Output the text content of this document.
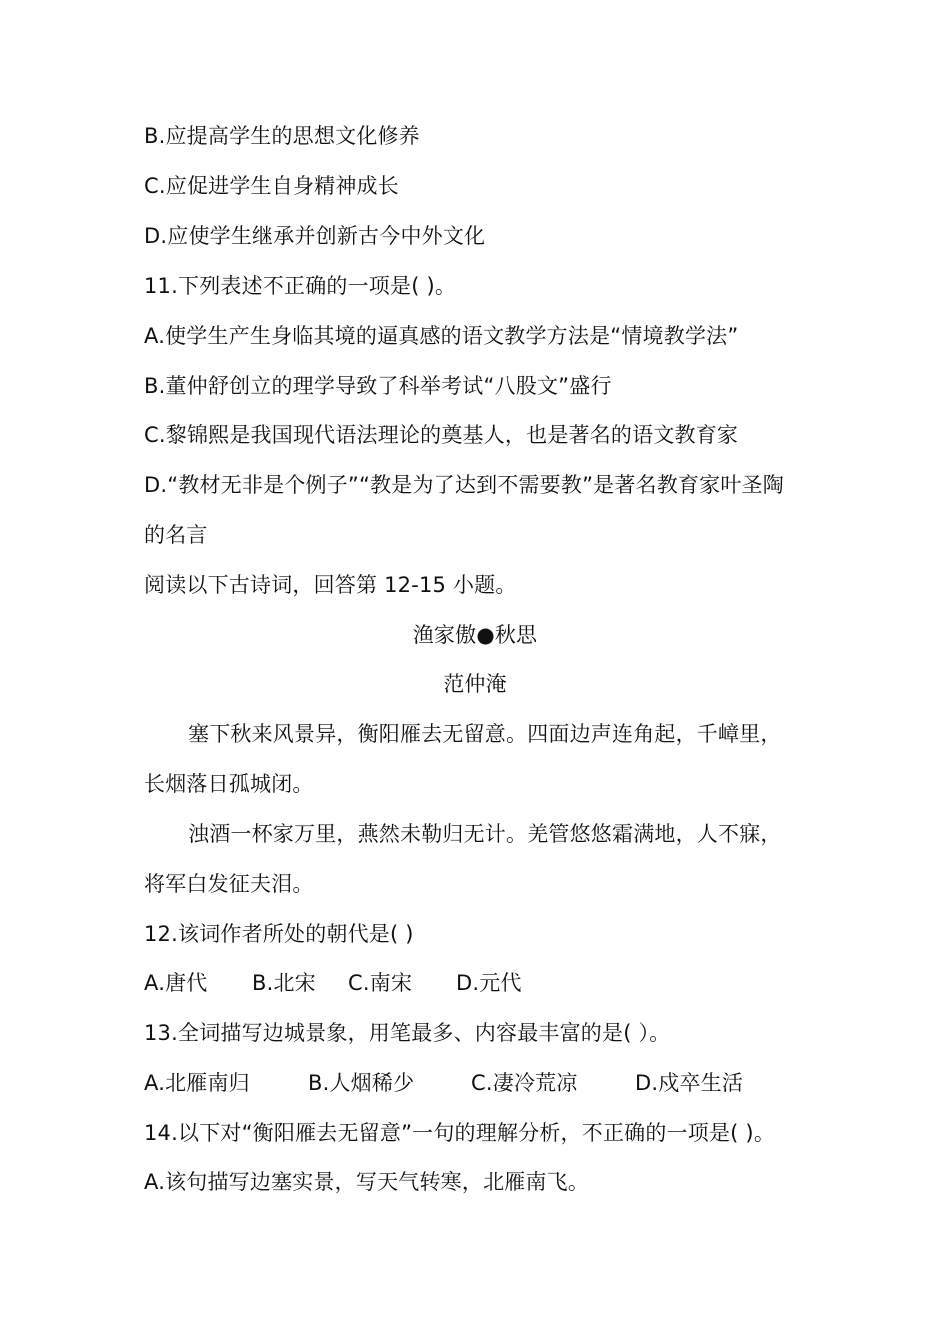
B.应提高学生的思想文化修养
C.应促进学生自身精神成长
D.应使学生继承并创新古今中外文化
11.下列表述不正确的一项是( )。
A.使学生产生身临其境的逼真感的语文教学方法是“情境教学法”
B.董仲舒创立的理学导致了科举考试“八股文”盛行
C.黎锦熙是我国现代语法理论的奠基人，也是著名的语文教育家
D.“教材无非是个例子”“教是为了达到不需要教”是著名教育家叶圣陶
的名言
阅读以下古诗词，回答第 12-15 小题。
渔家傲●秋思
范仲淹
塞下秋来风景异，衡阳雁去无留意。四面边声连角起，千嶂里，
长烟落日孤城闭。
浊酒一杯家万里，燕然未勒归无计。羌管悠悠霜满地，人不寐，
将军白发征夫泪。
12.该词作者所处的朝代是( )
A.唐代 B.北宋 C.南宋 D.元代
13.全词描写边城景象，用笔最多、内容最丰富的是( ）。
A.北雁南归	B.人烟稀少	C.凄冷荒凉	D.戍卒生活
14.以下对“衡阳雁去无留意”一句的理解分析，不正确的一项是( )。
A.该句描写边塞实景，写天气转寒，北雁南飞。
